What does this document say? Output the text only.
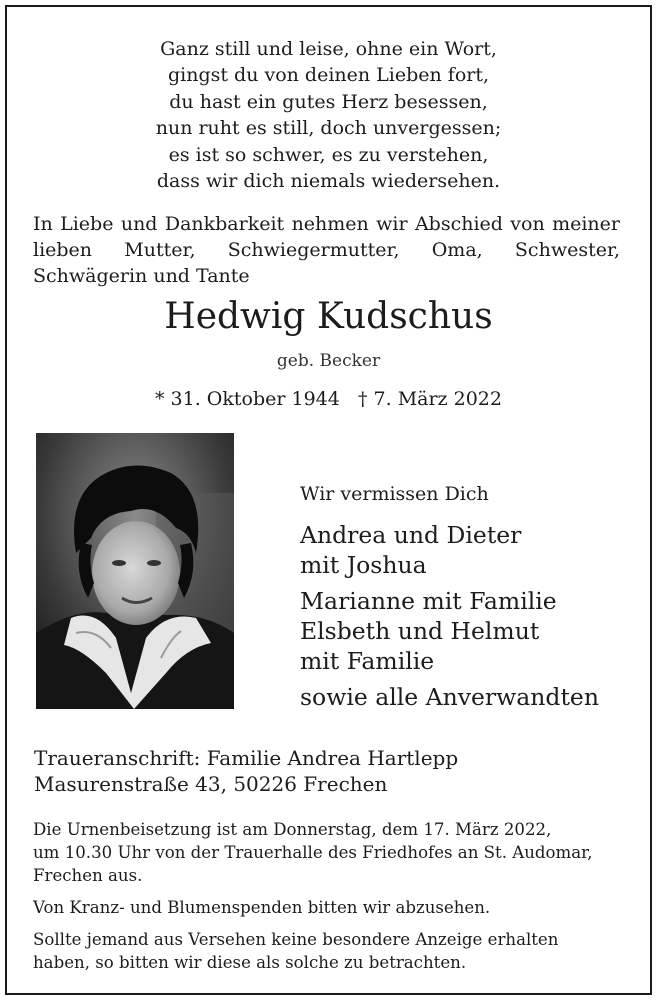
Ganz still und leise, ohne ein Wort,
gingst du von deinen Lieben fort,
du hast ein gutes Herz besessen,
nun ruht es still, doch unvergessen;
es ist so schwer, es zu verstehen,
dass wir dich niemals wiedersehen.
In Liebe und Dankbarkeit nehmen wir Abschied von meiner lieben Mutter, Schwiegermutter, Oma, Schwester, Schwägerin und Tante
Hedwig Kudschus
geb. Becker
* 31. Oktober 1944 † 7. März 2022
Wir vermissen Dich
Andrea und Dieter
mit Joshua
Marianne mit Familie
Elsbeth und Helmut
mit Familie
sowie alle Anverwandten
Traueranschrift: Familie Andrea Hartlepp
Masurenstraße 43, 50226 Frechen
Die Urnenbeisetzung ist am Donnerstag, dem 17. März 2022,
um 10.30 Uhr von der Trauerhalle des Friedhofes an St. Audomar,
Frechen aus.
Von Kranz- und Blumenspenden bitten wir abzusehen.
Sollte jemand aus Versehen keine besondere Anzeige erhalten
haben, so bitten wir diese als solche zu betrachten.
